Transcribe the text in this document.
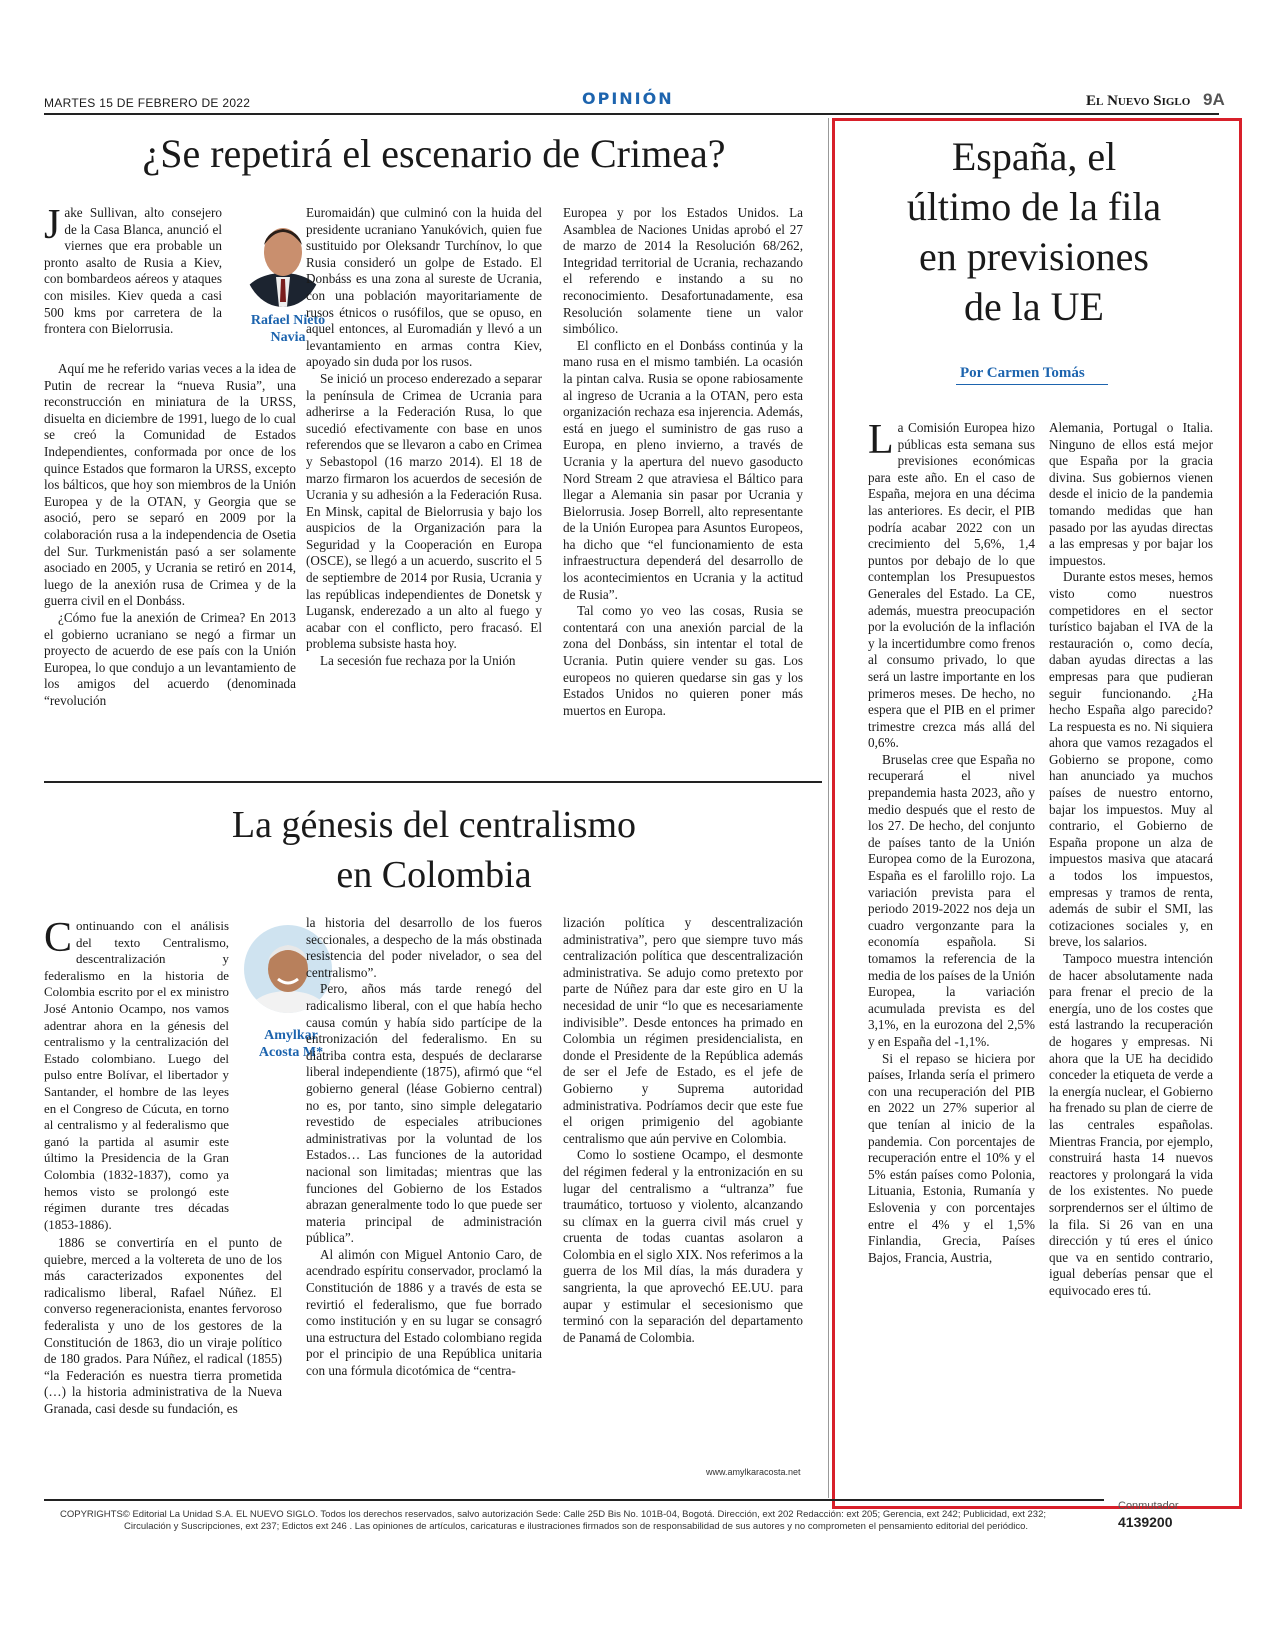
MARTES 15 DE FEBRERO DE 2022	OPINIÓN	El Nuevo Siglo 9A
¿Se repetirá el escenario de Crimea?
J ake Sullivan, alto consejero de la Casa Blanca, anunció el viernes que era probable un pronto asalto de Rusia a Kiev, con bombardeos aéreos y ataques con misiles. Kiev queda a casi 500 kms por carretera de la frontera con Bielorrusia.

Aquí me he referido varias veces a la idea de Putin de recrear la “nueva Rusia”, una reconstrucción en miniatura de la URSS, disuelta en diciembre de 1991, luego de lo cual se creó la Comunidad de Estados Independientes, conformada por once de los quince Estados que formaron la URSS, excepto los bálticos, que hoy son miembros de la Unión Europea y de la OTAN, y Georgia que se asoció, pero se separó en 2009 por la colaboración rusa a la independencia de Osetia del Sur. Turkmenistán pasó a ser solamente asociado en 2005, y Ucrania se retiró en 2014, luego de la anexión rusa de Crimea y de la guerra civil en el Donbáss.

¿Cómo fue la anexión de Crimea? En 2013 el gobierno ucraniano se negó a firmar un proyecto de acuerdo de ese país con la Unión Europea, lo que condujo a un levantamiento de los amigos del acuerdo (denominada “revolución

Rafael Nieto Navia

Euromaidán) que culminó con la huida del presidente ucraniano Yanukóvich, quien fue sustituido por Oleksandr Turchínov, lo que Rusia consideró un golpe de Estado. El Donbáss es una zona al sureste de Ucrania, con una población mayoritariamente de rusos étnicos o rusófilos, que se opuso, en aquel entonces, al Euromadián y llevó a un levantamiento en armas contra Kiev, apoyado sin duda por los rusos.

Se inició un proceso enderezado a separar la península de Crimea de Ucrania para adherirse a la Federación Rusa, lo que sucedió efectivamente con base en unos referendos que se llevaron a cabo en Crimea y Sebastopol (16 marzo 2014). El 18 de marzo firmaron los acuerdos de secesión de Ucrania y su adhesión a la Federación Rusa. En Minsk, capital de Bielorrusia y bajo los auspicios de la Organización para la Seguridad y la Cooperación en Europa (OSCE), se llegó a un acuerdo, suscrito el 5 de septiembre de 2014 por Rusia, Ucrania y las repúblicas independientes de Donetsk y Lugansk, enderezado a un alto al fuego y acabar con el conflicto, pero fracasó. El problema subsiste hasta hoy.

La secesión fue rechaza por la Unión

Europea y por los Estados Unidos. La Asamblea de Naciones Unidas aprobó el 27 de marzo de 2014 la Resolución 68/262, Integridad territorial de Ucrania, rechazando el referendo e instando a su no reconocimiento. Desafortunadamente, esa Resolución solamente tiene un valor simbólico.

El conflicto en el Donbáss continúa y la mano rusa en el mismo también. La ocasión la pintan calva. Rusia se opone rabiosamente al ingreso de Ucrania a la OTAN, pero esta organización rechaza esa injerencia. Además, está en juego el suministro de gas ruso a Europa, en pleno invierno, a través de Ucrania y la apertura del nuevo gasoducto Nord Stream 2 que atraviesa el Báltico para llegar a Alemania sin pasar por Ucrania y Bielorrusia. Josep Borrell, alto representante de la Unión Europea para Asuntos Europeos, ha dicho que “el funcionamiento de esta infraestructura dependerá del desarrollo de los acontecimientos en Ucrania y la actitud de Rusia”.

Tal como yo veo las cosas, Rusia se contentará con una anexión parcial de la zona del Donbáss, sin intentar el total de Ucrania. Putin quiere vender su gas. Los europeos no quieren quedarse sin gas y los Estados Unidos no quieren poner más muertos en Europa.

La génesis del centralismo
en Colombia
C ontinuando con el análisis del texto Centralismo, descentralización y federalismo en la historia de Colombia escrito por el ex ministro José Antonio Ocampo, nos vamos adentrar ahora en la génesis del centralismo y la centralización del Estado colombiano. Luego del pulso entre Bolívar, el libertador y Santander, el hombre de las leyes en el Congreso de Cúcuta, en torno al centralismo y al federalismo que ganó la partida al asumir este último la Presidencia de la Gran Colombia (1832-1837), como ya hemos visto se prolongó este régimen durante tres décadas (1853-1886).

1886 se convertiría en el punto de quiebre, merced a la voltereta de uno de los más caracterizados exponentes del radicalismo liberal, Rafael Núñez. El converso regeneracionista, enantes fervoroso federalista y uno de los gestores de la Constitución de 1863, dio un viraje político de 180 grados. Para Núñez, el radical (1855) “la Federación es nuestra tierra prometida (…) la historia administrativa de la Nueva Granada, casi desde su fundación, es

Amylkar
Acosta M*

la historia del desarrollo de los fueros seccionales, a despecho de la más obstinada resistencia del poder nivelador, o sea del centralismo”.

Pero, años más tarde renegó del radicalismo liberal, con el que había hecho causa común y había sido partícipe de la entronización del federalismo. En su diatriba contra esta, después de declararse liberal independiente (1875), afirmó que “el gobierno general (léase Gobierno central) no es, por tanto, sino simple delegatario revestido de especiales atribuciones administrativas por la voluntad de los Estados… Las funciones de la autoridad nacional son limitadas; mientras que las funciones del Gobierno de los Estados abrazan generalmente todo lo que puede ser materia principal de administración pública”.

Al alimón con Miguel Antonio Caro, de acendrado espíritu conservador, proclamó la Constitución de 1886 y a través de esta se revirtió el federalismo, que fue borrado como institución y en su lugar se consagró una estructura del Estado colombiano regida por el principio de una República unitaria con una fórmula dicotómica de “centra-

lización política y descentralización administrativa”, pero que siempre tuvo más centralización política que descentralización administrativa. Se adujo como pretexto por parte de Núñez para dar este giro en U la necesidad de unir “lo que es necesariamente indivisible”. Desde entonces ha primado en Colombia un régimen presidencialista, en donde el Presidente de la República además de ser el Jefe de Estado, es el jefe de Gobierno y Suprema autoridad administrativa. Podríamos decir que este fue el origen primigenio del agobiante centralismo que aún pervive en Colombia.

Como lo sostiene Ocampo, el desmonte del régimen federal y la entronización en su lugar del centralismo a “ultranza” fue traumático, tortuoso y violento, alcanzando su clímax en la guerra civil más cruel y cruenta de todas cuantas asolaron a Colombia en el siglo XIX. Nos referimos a la guerra de los Mil días, la más duradera y sangrienta, la que aprovechó EE.UU. para aupar y estimular el secesionismo que terminó con la separación del departamento de Panamá de Colombia.

www.amylkaracosta.net
España, el
último de la fila
en previsiones
de la UE
Por Carmen Tomás
L a Comisión Europea hizo públicas esta semana sus previsiones económicas para este año. En el caso de España, mejora en una décima las anteriores. Es decir, el PIB podría acabar 2022 con un crecimiento del 5,6%, 1,4 puntos por debajo de lo que contemplan los Presupuestos Generales del Estado. La CE, además, muestra preocupación por la evolución de la inflación y la incertidumbre como frenos al consumo privado, lo que será un lastre importante en los primeros meses. De hecho, no espera que el PIB en el primer trimestre crezca más allá del 0,6%.

Bruselas cree que España no recuperará el nivel prepandemia hasta 2023, año y medio después que el resto de los 27. De hecho, del conjunto de países tanto de la Unión Europea como de la Eurozona, España es el farolillo rojo. La variación prevista para el periodo 2019-2022 nos deja un cuadro vergonzante para la economía española. Si tomamos la referencia de la media de los países de la Unión Europea, la variación acumulada prevista es del 3,1%, en la eurozona del 2,5% y en España del -1,1%.

Si el repaso se hiciera por países, Irlanda sería el primero con una recuperación del PIB en 2022 un 27% superior al que tenían al inicio de la pandemia. Con porcentajes de recuperación entre el 10% y el 5% están países como Polonia, Lituania, Estonia, Rumanía y Eslovenia y con porcentajes entre el 4% y el 1,5% Finlandia, Grecia, Países Bajos, Francia, Austria,

Alemania, Portugal o Italia. Ninguno de ellos está mejor que España por la gracia divina. Sus gobiernos vienen desde el inicio de la pandemia tomando medidas que han pasado por las ayudas directas a las empresas y por bajar los impuestos.

Durante estos meses, hemos visto como nuestros competidores en el sector turístico bajaban el IVA de la restauración o, como decía, daban ayudas directas a las empresas para que pudieran seguir funcionando. ¿Ha hecho España algo parecido? La respuesta es no. Ni siquiera ahora que vamos rezagados el Gobierno se propone, como han anunciado ya muchos países de nuestro entorno, bajar los impuestos. Muy al contrario, el Gobierno de España propone un alza de impuestos masiva que atacará a todos los impuestos, empresas y tramos de renta, además de subir el SMI, las cotizaciones sociales y, en breve, los salarios.

Tampoco muestra intención de hacer absolutamente nada para frenar el precio de la energía, uno de los costes que está lastrando la recuperación de hogares y empresas. Ni ahora que la UE ha decidido conceder la etiqueta de verde a la energía nuclear, el Gobierno ha frenado su plan de cierre de las centrales españolas. Mientras Francia, por ejemplo, construirá hasta 14 nuevos reactores y prolongará la vida de los existentes. No puede sorprendernos ser el último de la fila. Si 26 van en una dirección y tú eres el único que va en sentido contrario, igual deberías pensar que el equivocado eres tú.

COPYRIGHTS© Editorial La Unidad S.A. EL NUEVO SIGLO. Todos los derechos reservados, salvo autorización Sede: Calle 25D Bis No. 101B-04, Bogotá. Dirección, ext 202 Redacción: ext 205; Gerencia, ext 242; Publicidad, ext 232;
Circulación y Suscripciones, ext 237; Edictos ext 246 . Las opiniones de artículos, caricaturas e ilustraciones firmados son de responsabilidad de sus autores y no comprometen el pensamiento editorial del periódico.
Conmutador
4139200
